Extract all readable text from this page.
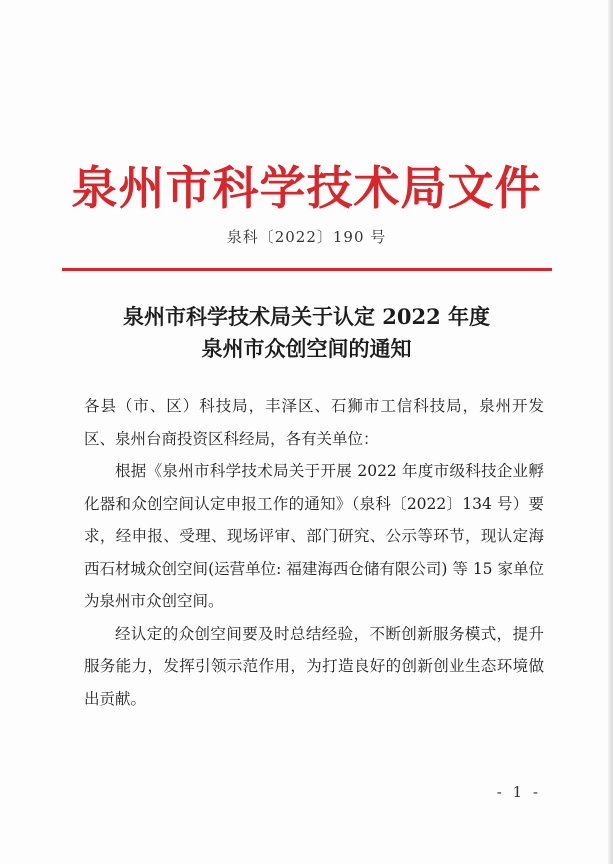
泉州市科学技术局文件
泉科〔2022〕190 号
泉州市科学技术局关于认定 2022 年度
泉州市众创空间的通知

各县（市、区）科技局，丰泽区、石狮市工信科技局，泉州开发区、泉州台商投资区科经局，各有关单位：

根据《泉州市科学技术局关于开展 2022 年度市级科技企业孵化器和众创空间认定申报工作的通知》（泉科〔2022〕134 号）要求，经申报、受理、现场评审、部门研究、公示等环节，现认定海西石材城众创空间(运营单位: 福建海西仓储有限公司) 等 15 家单位为泉州市众创空间。

经认定的众创空间要及时总结经验，不断创新服务模式，提升服务能力，发挥引领示范作用，为打造良好的创新创业生态环境做出贡献。

- 1 -
